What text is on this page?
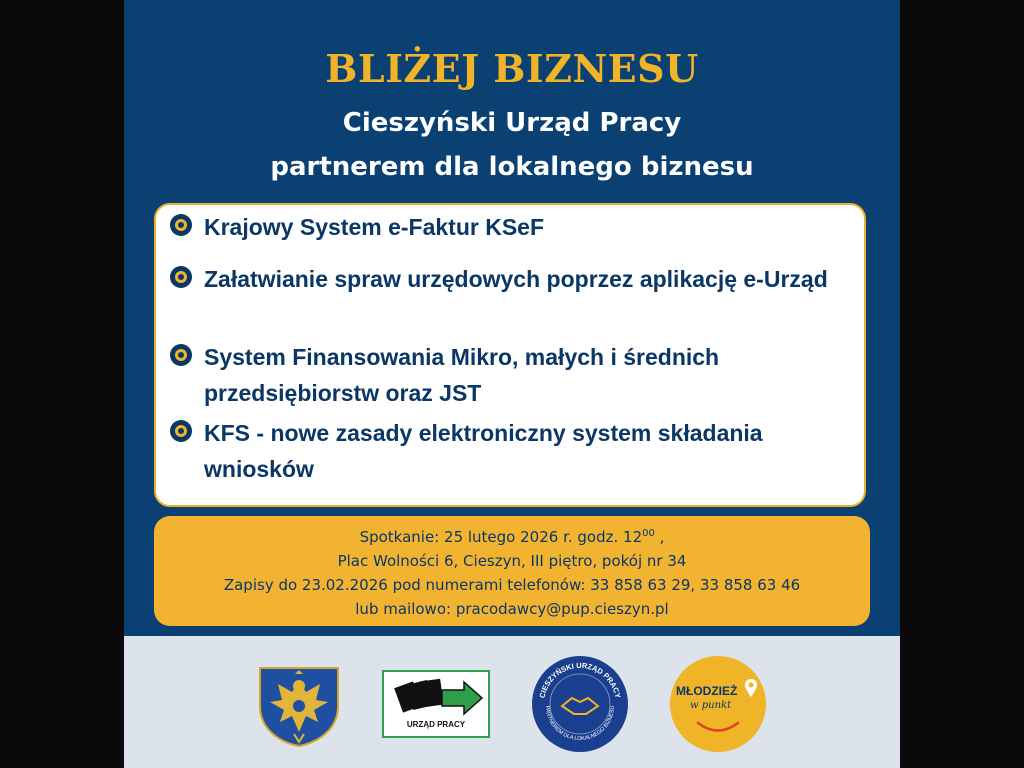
BLIŻEJ BIZNESU
Cieszyński Urząd Pracy
partnerem dla lokalnego biznesu
Krajowy System e-Faktur KSeF
Załatwianie spraw urzędowych poprzez aplikację e-Urząd
System Finansowania Mikro, małych i średnich przedsiębiorstw oraz JST
KFS - nowe zasady elektroniczny system składania wniosków
Spotkanie: 25 lutego 2026 r. godz. $12^{00}$ ,
Plac Wolności 6, Cieszyn, III piętro, pokój nr 34
Zapisy do 23.02.2026 pod numerami telefonów: 33 858 63 29, 33 858 63 46
lub mailowo: pracodawcy@pup.cieszyn.pl
URZĄD PRACY
CIESZYŃSKI URZĄD PRACY
PARTNEREM DLA LOKALNEGO BIZNESU
MŁODZIEŻ
w punkt
